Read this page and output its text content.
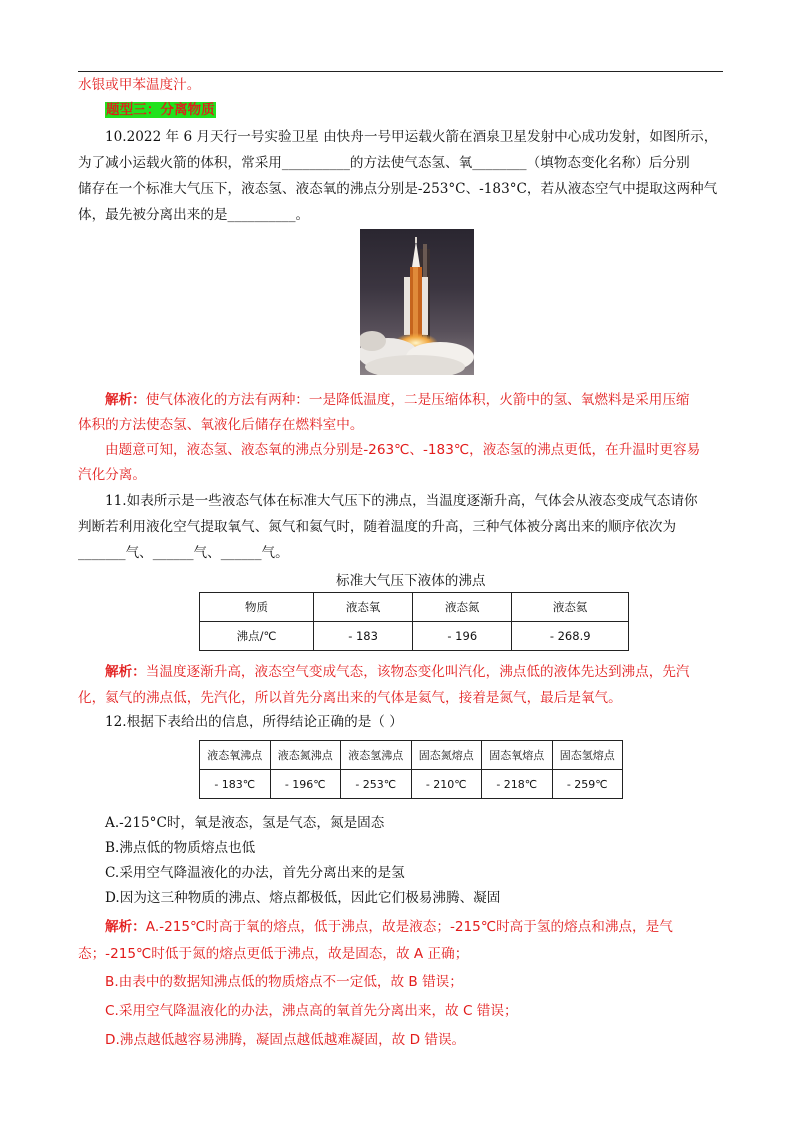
水银或甲苯温度汁。
题型三：分离物质
10.2022 年 6 月天行一号实验卫星 由快舟一号甲运载火箭在酒泉卫星发射中心成功发射，如图所示，
为了减小运载火箭的体积，常采用__________的方法使气态氢、氧________（填物态变化名称）后分别
储存在一个标准大气压下，液态氢、液态氧的沸点分别是-253°C、-183°C，若从液态空气中提取这两种气
体，最先被分离出来的是__________。
解析：使气体液化的方法有两种：一是降低温度，二是压缩体积，火箭中的氢、氧燃料是采用压缩
体积的方法使态氢、氧液化后储存在燃料室中。
由题意可知，液态氢、液态氧的沸点分别是-263℃、-183℃，液态氢的沸点更低，在升温时更容易
汽化分离。
11.如表所示是一些液态气体在标准大气压下的沸点，当温度逐渐升高，气体会从液态变成气态请你
判断若利用液化空气提取氧气、氮气和氦气时，随着温度的升高，三种气体被分离出来的顺序依次为
_______气、______气、______气。
标准大气压下液体的沸点
物质	液态氧	液态氮	液态氦
沸点/℃	- 183	- 196	- 268.9
解析：当温度逐渐升高，液态空气变成气态，该物态变化叫汽化，沸点低的液体先达到沸点，先汽
化，氦气的沸点低，先汽化，所以首先分离出来的气体是氦气，接着是氮气，最后是氧气。
12.根据下表给出的信息，所得结论正确的是（ ）
液态氧沸点	液态氮沸点	液态氢沸点	固态氮熔点	固态氧熔点	固态氢熔点
- 183℃	- 196℃	- 253℃	- 210℃	- 218℃	- 259℃
A.-215°C时，氧是液态，氢是气态，氮是固态
B.沸点低的物质熔点也低
C.采用空气降温液化的办法，首先分离出来的是氢
D.因为这三种物质的沸点、熔点都极低，因此它们极易沸腾、凝固
解析：A.-215℃时高于氧的熔点，低于沸点，故是液态；-215℃时高于氢的熔点和沸点，是气
态；-215℃时低于氮的熔点更低于沸点，故是固态，故 A 正确；
B.由表中的数据知沸点低的物质熔点不一定低，故 B 错误；
C.采用空气降温液化的办法，沸点高的氧首先分离出来，故 C 错误；
D.沸点越低越容易沸腾，凝固点越低越难凝固，故 D 错误。
